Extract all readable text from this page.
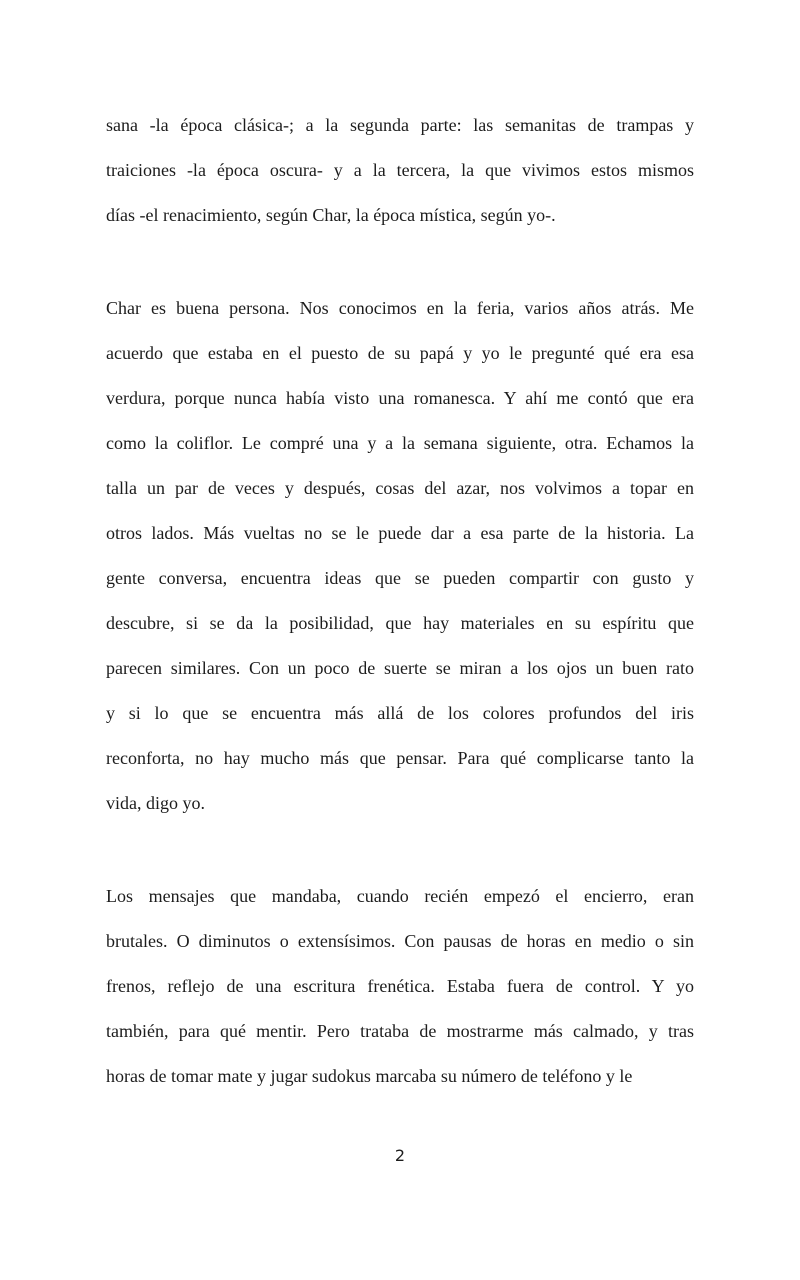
sana -la época clásica-; a la segunda parte: las semanitas de trampas y
traiciones -la época oscura- y a la tercera, la que vivimos estos mismos
días -el renacimiento, según Char, la época mística, según yo-.
Char es buena persona. Nos conocimos en la feria, varios años atrás. Me
acuerdo que estaba en el puesto de su papá y yo le pregunté qué era esa
verdura, porque nunca había visto una romanesca. Y ahí me contó que era
como la coliflor. Le compré una y a la semana siguiente, otra. Echamos la
talla un par de veces y después, cosas del azar, nos volvimos a topar en
otros lados. Más vueltas no se le puede dar a esa parte de la historia. La
gente conversa, encuentra ideas que se pueden compartir con gusto y
descubre, si se da la posibilidad, que hay materiales en su espíritu que
parecen similares. Con un poco de suerte se miran a los ojos un buen rato
y si lo que se encuentra más allá de los colores profundos del iris
reconforta, no hay mucho más que pensar. Para qué complicarse tanto la
vida, digo yo.
Los mensajes que mandaba, cuando recién empezó el encierro, eran
brutales. O diminutos o extensísimos. Con pausas de horas en medio o sin
frenos, reflejo de una escritura frenética. Estaba fuera de control. Y yo
también, para qué mentir. Pero trataba de mostrarme más calmado, y tras
horas de tomar mate y jugar sudokus marcaba su número de teléfono y le
2
